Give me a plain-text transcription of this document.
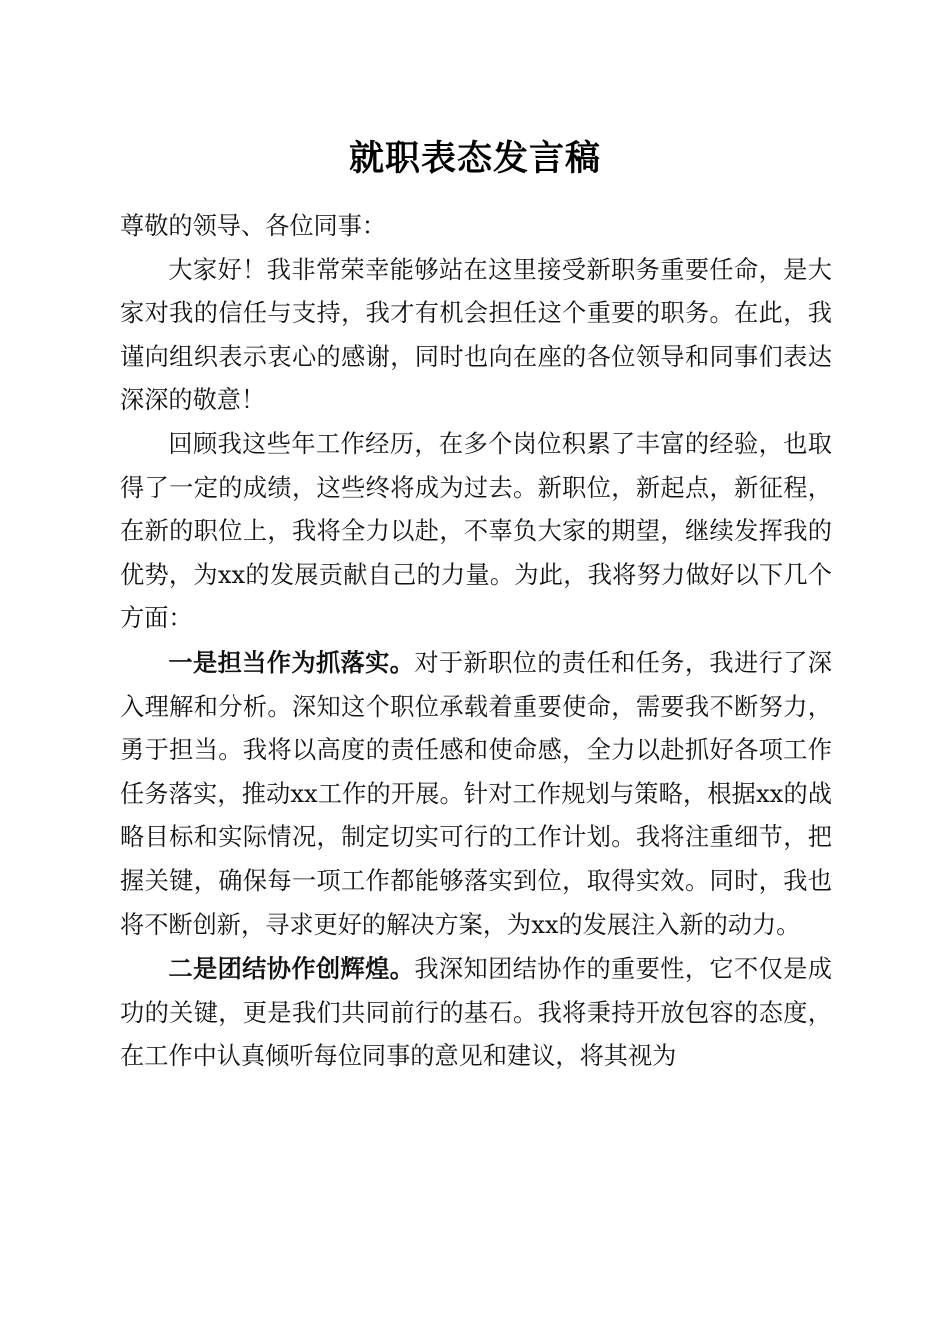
就职表态发言稿

尊敬的领导、各位同事：

大家好！我非常荣幸能够站在这里接受新职务重要任命，是大家对我的信任与支持，我才有机会担任这个重要的职务。在此，我谨向组织表示衷心的感谢，同时也向在座的各位领导和同事们表达深深的敬意！

回顾我这些年工作经历，在多个岗位积累了丰富的经验，也取得了一定的成绩，这些终将成为过去。新职位，新起点，新征程，在新的职位上，我将全力以赴，不辜负大家的期望，继续发挥我的优势，为xx的发展贡献自己的力量。为此，我将努力做好以下几个方面：

一是担当作为抓落实。对于新职位的责任和任务，我进行了深入理解和分析。深知这个职位承载着重要使命，需要我不断努力，勇于担当。我将以高度的责任感和使命感，全力以赴抓好各项工作任务落实，推动xx工作的开展。针对工作规划与策略，根据xx的战略目标和实际情况，制定切实可行的工作计划。我将注重细节，把握关键，确保每一项工作都能够落实到位，取得实效。同时，我也将不断创新，寻求更好的解决方案，为xx的发展注入新的动力。

二是团结协作创辉煌。我深知团结协作的重要性，它不仅是成功的关键，更是我们共同前行的基石。我将秉持开放包容的态度，在工作中认真倾听每位同事的意见和建议，将其视为
